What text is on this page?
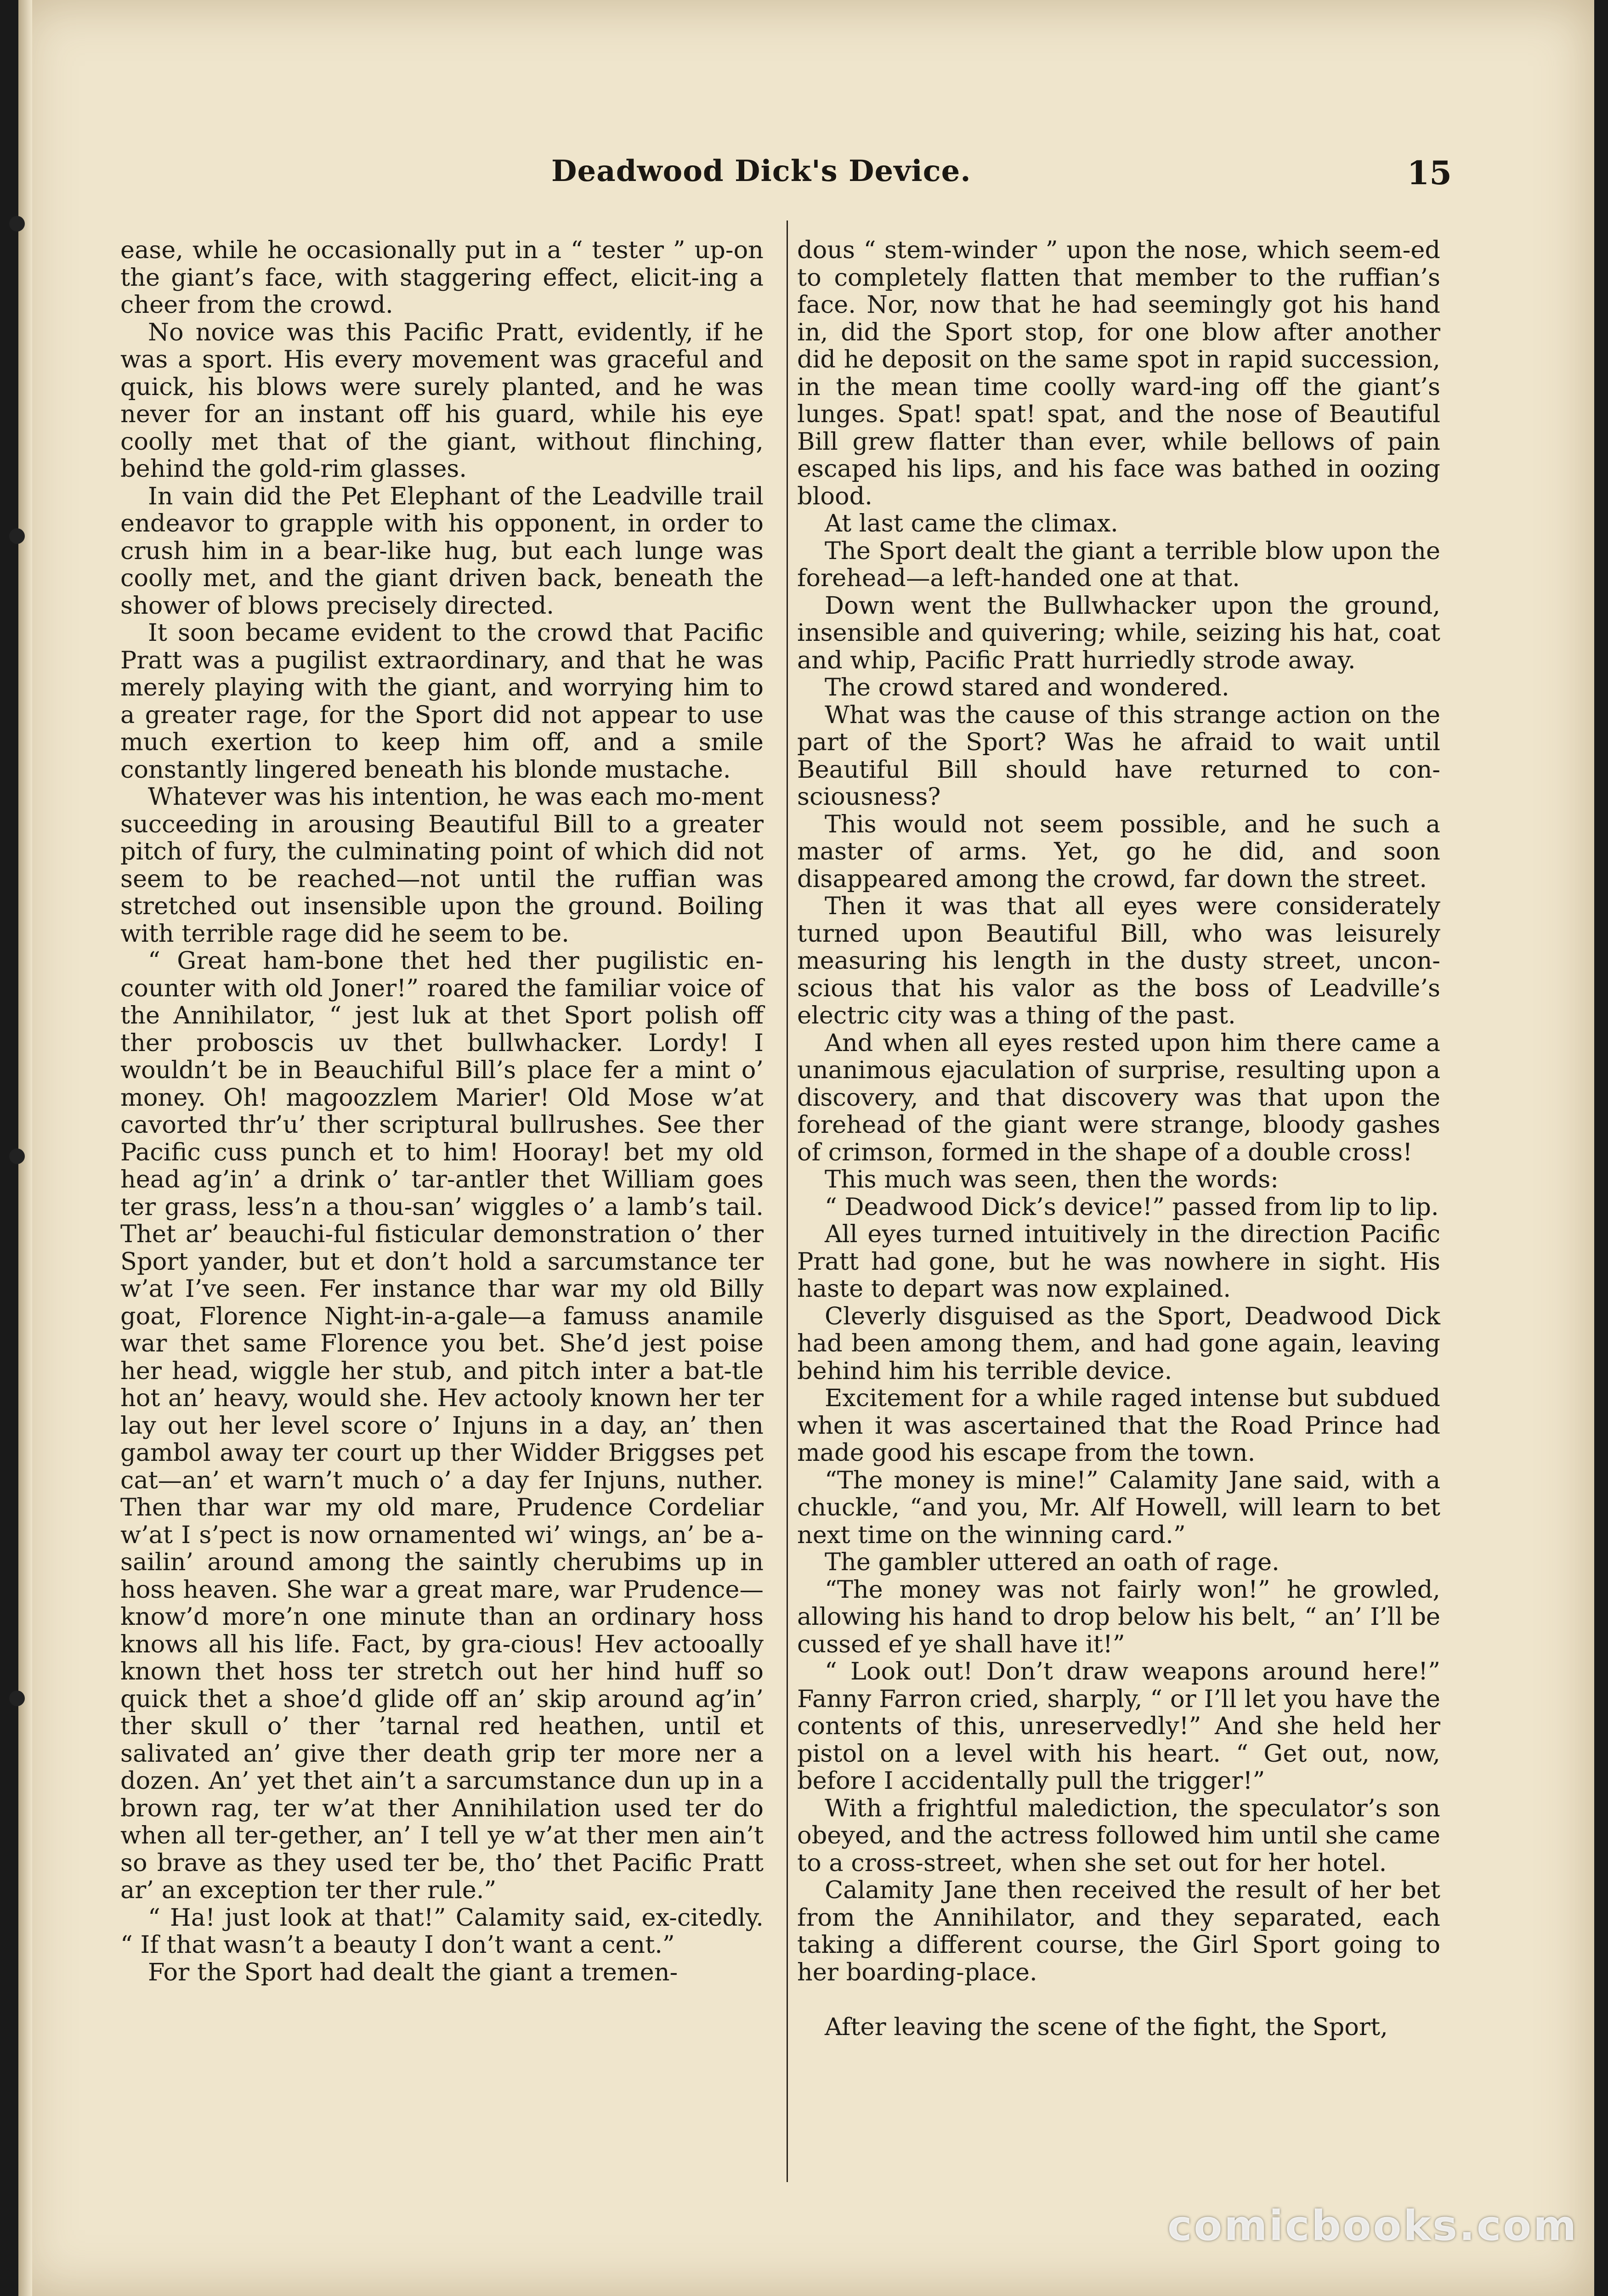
Deadwood Dick's Device.	15

ease, while he occasionally put in a “ tester ” up-on the giant’s face, with staggering effect, elicit-ing a cheer from the crowd.

No novice was this Pacific Pratt, evidently, if he was a sport. His every movement was graceful and quick, his blows were surely planted, and he was never for an instant off his guard, while his eye coolly met that of the giant, without flinching, behind the gold-rim glasses.

In vain did the Pet Elephant of the Leadville trail endeavor to grapple with his opponent, in order to crush him in a bear-like hug, but each lunge was coolly met, and the giant driven back, beneath the shower of blows precisely directed.

It soon became evident to the crowd that Pacific Pratt was a pugilist extraordinary, and that he was merely playing with the giant, and worrying him to a greater rage, for the Sport did not appear to use much exertion to keep him off, and a smile constantly lingered beneath his blonde mustache.

Whatever was his intention, he was each mo-ment succeeding in arousing Beautiful Bill to a greater pitch of fury, the culminating point of which did not seem to be reached—not until the ruffian was stretched out insensible upon the ground. Boiling with terrible rage did he seem to be.

“ Great ham-bone thet hed ther pugilistic en-counter with old Joner!” roared the familiar voice of the Annihilator, “ jest luk at thet Sport polish off ther proboscis uv thet bullwhacker. Lordy! I wouldn’t be in Beauchiful Bill’s place fer a mint o’ money. Oh! magoozzlem Marier! Old Mose w’at cavorted thr’u’ ther scriptural bullrushes. See ther Pacific cuss punch et to him! Hooray! bet my old head ag’in’ a drink o’ tar-antler thet William goes ter grass, less’n a thou-san’ wiggles o’ a lamb’s tail. Thet ar’ beauchi-ful fisticular demonstration o’ ther Sport yander, but et don’t hold a sarcumstance ter w’at I’ve seen. Fer instance thar war my old Billy goat, Florence Night-in-a-gale—a famuss anamile war thet same Florence you bet. She’d jest poise her head, wiggle her stub, and pitch inter a bat-tle hot an’ heavy, would she. Hev actooly known her ter lay out her level score o’ Injuns in a day, an’ then gambol away ter court up ther Widder Briggses pet cat—an’ et warn’t much o’ a day fer Injuns, nuther. Then thar war my old mare, Prudence Cordeliar w’at I s’pect is now ornamented wi’ wings, an’ be a-sailin’ around among the saintly cherubims up in hoss heaven. She war a great mare, war Prudence—know’d more’n one minute than an ordinary hoss knows all his life. Fact, by gra-cious! Hev actooally known thet hoss ter stretch out her hind huff so quick thet a shoe’d glide off an’ skip around ag’in’ ther skull o’ ther ’tarnal red heathen, until et salivated an’ give ther death grip ter more ner a dozen. An’ yet thet ain’t a sarcumstance dun up in a brown rag, ter w’at ther Annihilation used ter do when all ter-gether, an’ I tell ye w’at ther men ain’t so brave as they used ter be, tho’ thet Pacific Pratt ar’ an exception ter ther rule.”

“ Ha! just look at that!” Calamity said, ex-citedly. “ If that wasn’t a beauty I don’t want a cent.”

For the Sport had dealt the giant a tremen-

dous “ stem-winder ” upon the nose, which seem-ed to completely flatten that member to the ruffian’s face. Nor, now that he had seemingly got his hand in, did the Sport stop, for one blow after another did he deposit on the same spot in rapid succession, in the mean time coolly ward-ing off the giant’s lunges. Spat! spat! spat, and the nose of Beautiful Bill grew flatter than ever, while bellows of pain escaped his lips, and his face was bathed in oozing blood.

At last came the climax.

The Sport dealt the giant a terrible blow upon the forehead—a left-handed one at that.

Down went the Bullwhacker upon the ground, insensible and quivering; while, seizing his hat, coat and whip, Pacific Pratt hurriedly strode away.

The crowd stared and wondered.

What was the cause of this strange action on the part of the Sport? Was he afraid to wait until Beautiful Bill should have returned to con-sciousness?

This would not seem possible, and he such a master of arms. Yet, go he did, and soon disappeared among the crowd, far down the street.

Then it was that all eyes were considerately turned upon Beautiful Bill, who was leisurely measuring his length in the dusty street, uncon-scious that his valor as the boss of Leadville’s electric city was a thing of the past.

And when all eyes rested upon him there came a unanimous ejaculation of surprise, resulting upon a discovery, and that discovery was that upon the forehead of the giant were strange, bloody gashes of crimson, formed in the shape of a double cross!

This much was seen, then the words:

“ Deadwood Dick’s device!” passed from lip to lip.

All eyes turned intuitively in the direction Pacific Pratt had gone, but he was nowhere in sight. His haste to depart was now explained.

Cleverly disguised as the Sport, Deadwood Dick had been among them, and had gone again, leaving behind him his terrible device.

Excitement for a while raged intense but subdued when it was ascertained that the Road Prince had made good his escape from the town.

“The money is mine!” Calamity Jane said, with a chuckle, “and you, Mr. Alf Howell, will learn to bet next time on the winning card.”

The gambler uttered an oath of rage.

“The money was not fairly won!” he growled, allowing his hand to drop below his belt, “ an’ I’ll be cussed ef ye shall have it!”

“ Look out! Don’t draw weapons around here!” Fanny Farron cried, sharply, “ or I’ll let you have the contents of this, unreservedly!” And she held her pistol on a level with his heart. “ Get out, now, before I accidentally pull the trigger!”

With a frightful malediction, the speculator’s son obeyed, and the actress followed him until she came to a cross-street, when she set out for her hotel.

Calamity Jane then received the result of her bet from the Annihilator, and they separated, each taking a different course, the Girl Sport going to her boarding-place.

After leaving the scene of the fight, the Sport,

comicbooks.com
